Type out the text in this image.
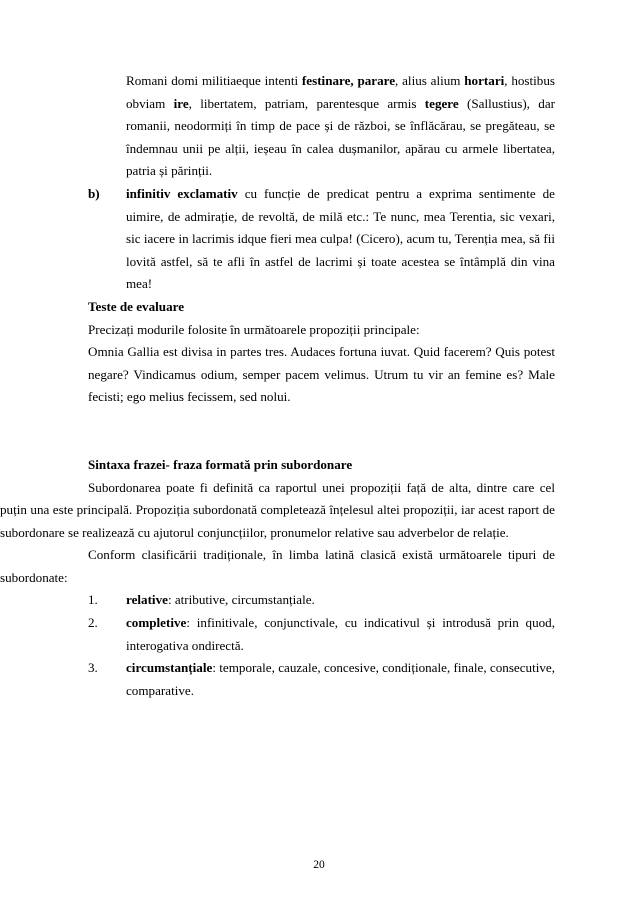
Romani domi militiaeque intenti festinare, parare, alius alium hortari, hostibus obviam ire, libertatem, patriam, parentesque armis tegere (Sallustius), dar romanii, neodormiți în timp de pace și de război, se înflăcărau, se pregăteau, se îndemnau unii pe alții, ieșeau în calea dușmanilor, apărau cu armele libertatea, patria și părinții.

b) infinitiv exclamativ cu funcție de predicat pentru a exprima sentimente de uimire, de admirație, de revoltă, de milă etc.: Te nunc, mea Terentia, sic vexari, sic iacere in lacrimis idque fieri mea culpa! (Cicero), acum tu, Terenția mea, să fii lovită astfel, să te afli în astfel de lacrimi și toate acestea se întâmplă din vina mea!

Teste de evaluare

Precizați modurile folosite în următoarele propoziții principale:

Omnia Gallia est divisa in partes tres. Audaces fortuna iuvat. Quid facerem? Quis potest negare? Vindicamus odium, semper pacem velimus. Utrum tu vir an femine es? Male fecisti; ego melius fecissem, sed nolui.

Sintaxa frazei- fraza formată prin subordonare

Subordonarea poate fi definită ca raportul unei propoziții față de alta, dintre care cel puțin una este principală. Propoziția subordonată completează înțelesul altei propoziții, iar acest raport de subordonare se realizează cu ajutorul conjuncțiilor, pronumelor relative sau adverbelor de relație.

Conform clasificării tradiționale, în limba latină clasică există următoarele tipuri de subordonate:

1. relative: atributive, circumstanțiale.

2. completive: infinitivale, conjunctivale, cu indicativul și introdusă prin quod, interogativa ondirectă.

3. circumstanțiale: temporale, cauzale, concesive, condiționale, finale, consecutive, comparative.

20
